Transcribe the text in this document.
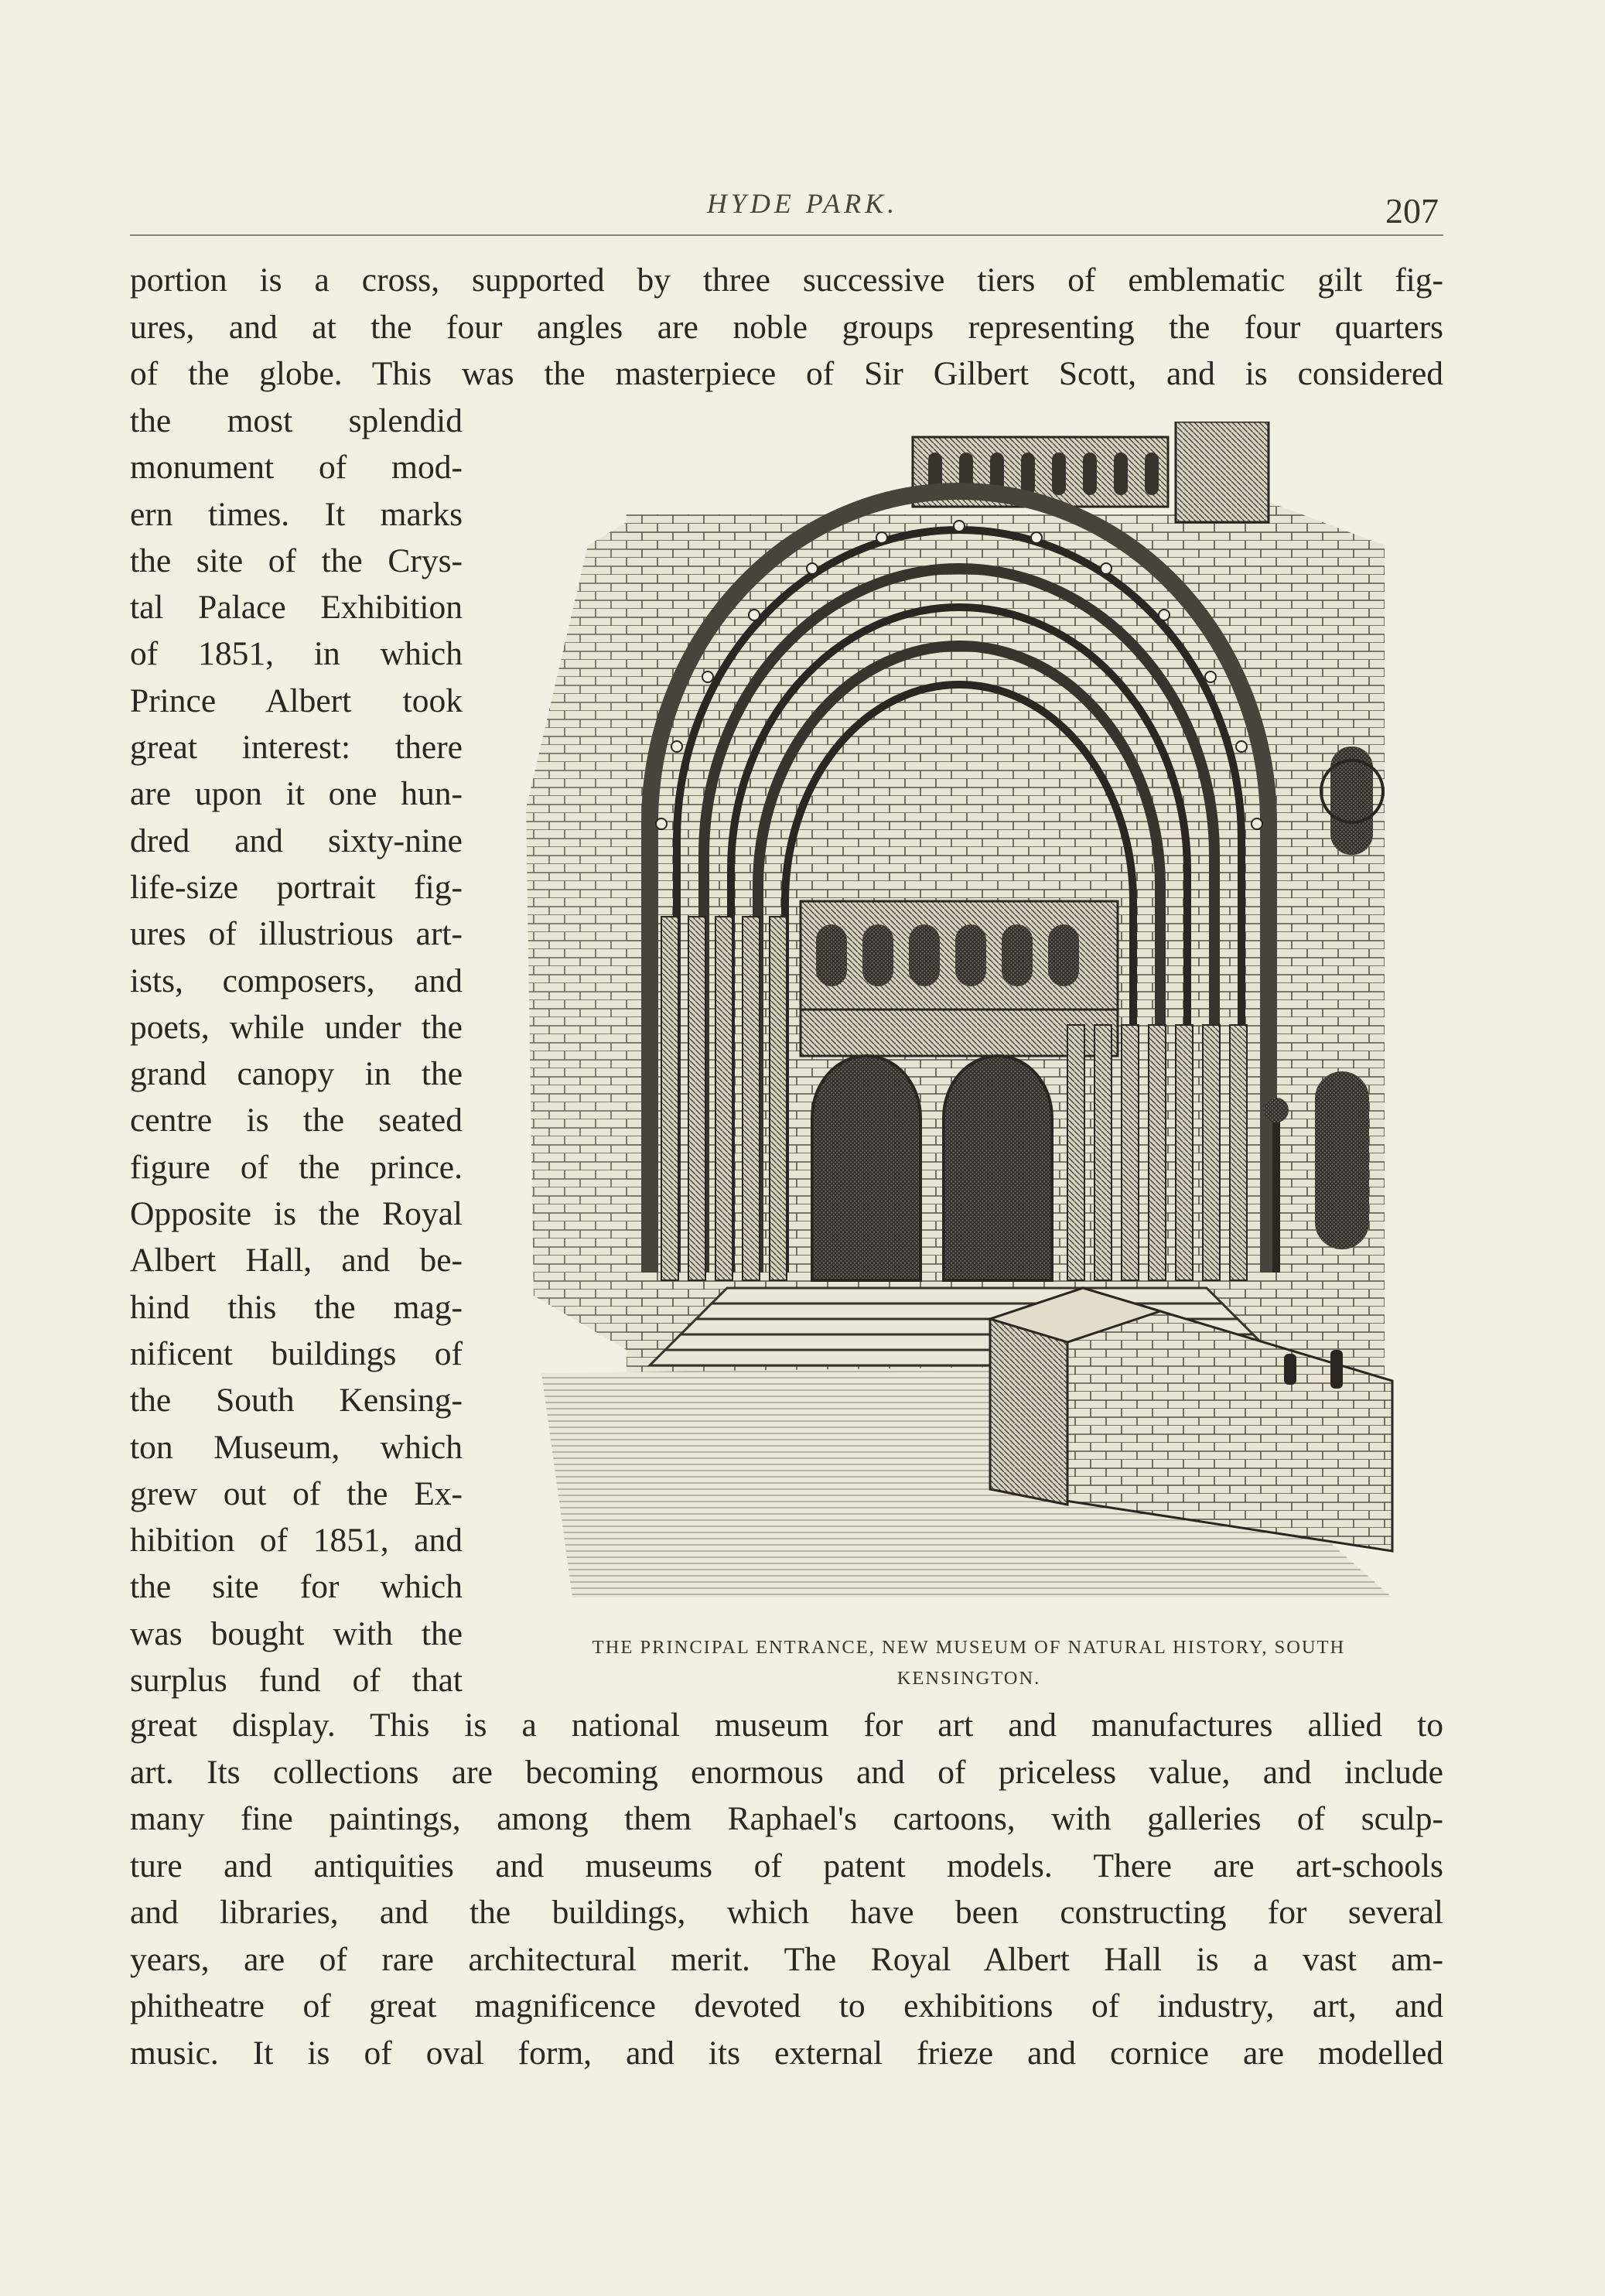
HYDE PARK.	207
portion is a cross, supported by three successive tiers of emblematic gilt fig-
ures, and at the four angles are noble groups representing the four quarters
of the globe. This was the masterpiece of Sir Gilbert Scott, and is considered
the most splendid
monument of mod-
ern times. It marks
the site of the Crys-
tal Palace Exhibition
of 1851, in which
Prince Albert took
great interest: there
are upon it one hun-
dred and sixty-nine
life-size portrait fig-
ures of illustrious art-
ists, composers, and
poets, while under the
grand canopy in the
centre is the seated
figure of the prince.
Opposite is the Royal
Albert Hall, and be-
hind this the mag-
nificent buildings of
the South Kensing-
ton Museum, which
grew out of the Ex-
hibition of 1851, and
the site for which
was bought with the
surplus fund of that
THE PRINCIPAL ENTRANCE, NEW MUSEUM OF NATURAL HISTORY, SOUTH
KENSINGTON.
great display. This is a national museum for art and manufactures allied to
art. Its collections are becoming enormous and of priceless value, and include
many fine paintings, among them Raphael's cartoons, with galleries of sculp-
ture and antiquities and museums of patent models. There are art-schools
and libraries, and the buildings, which have been constructing for several
years, are of rare architectural merit. The Royal Albert Hall is a vast am-
phitheatre of great magnificence devoted to exhibitions of industry, art, and
music. It is of oval form, and its external frieze and cornice are modelled
